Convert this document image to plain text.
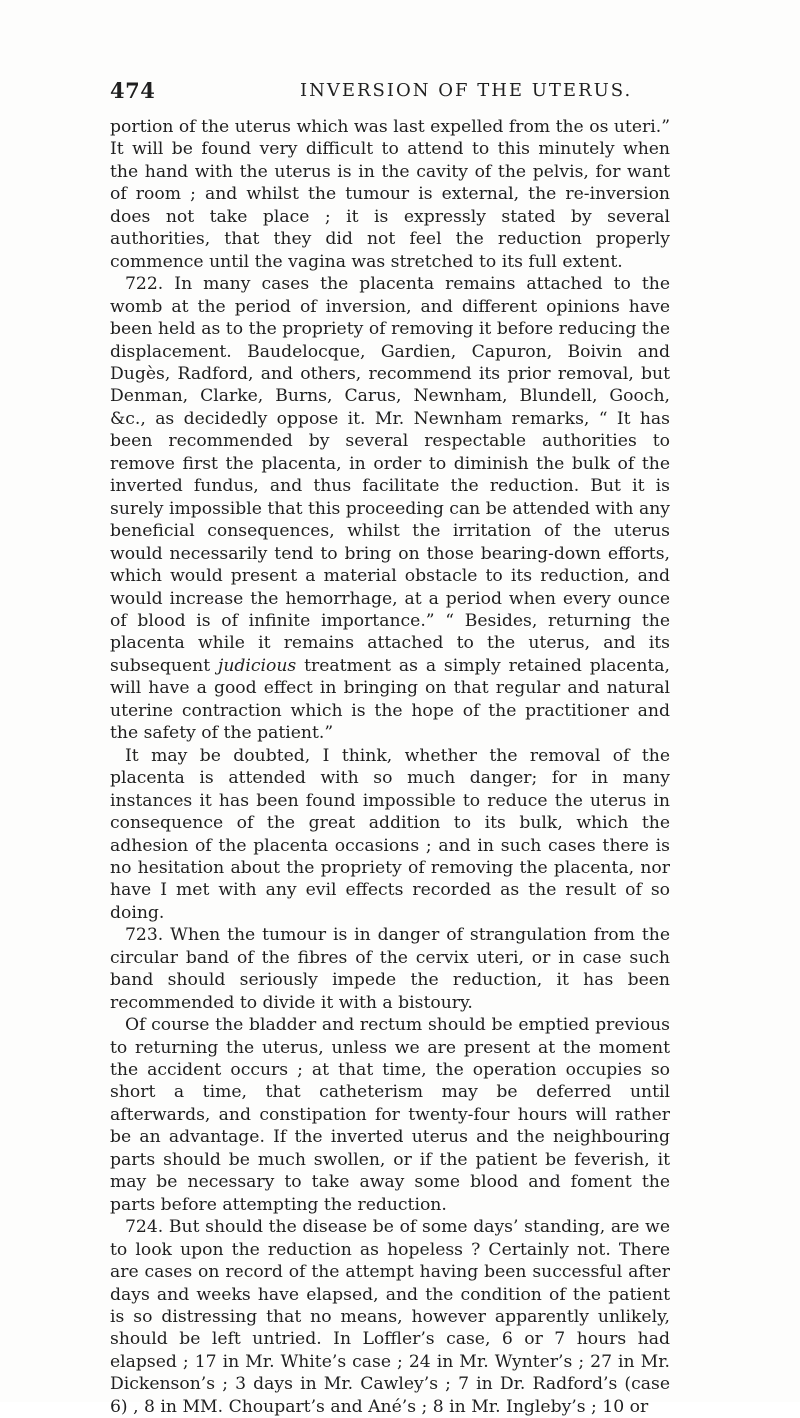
474	INVERSION OF THE UTERUS.

portion of the uterus which was last expelled from the os uteri.” It will be found very difficult to attend to this minutely when the hand with the uterus is in the cavity of the pelvis, for want of room ; and whilst the tumour is external, the re-inversion does not take place ; it is expressly stated by several authorities, that they did not feel the reduction properly commence until the vagina was stretched to its full extent.

722. In many cases the placenta remains attached to the womb at the period of inversion, and different opinions have been held as to the propriety of removing it before reducing the displacement. Baudelocque, Gardien, Capuron, Boivin and Dugès, Radford, and others, recommend its prior removal, but Denman, Clarke, Burns, Carus, Newnham, Blundell, Gooch, &c., as decidedly oppose it. Mr. Newnham remarks, “ It has been recommended by several respectable authorities to remove first the placenta, in order to diminish the bulk of the inverted fundus, and thus facilitate the reduction. But it is surely impossible that this proceeding can be attended with any beneficial consequences, whilst the irritation of the uterus would necessarily tend to bring on those bearing-down efforts, which would present a material obstacle to its reduction, and would increase the hemorrhage, at a period when every ounce of blood is of infinite importance.” “ Besides, returning the placenta while it remains attached to the uterus, and its subsequent judicious treatment as a simply retained placenta, will have a good effect in bringing on that regular and natural uterine contraction which is the hope of the practitioner and the safety of the patient.”

It may be doubted, I think, whether the removal of the placenta is attended with so much danger; for in many instances it has been found impossible to reduce the uterus in consequence of the great addition to its bulk, which the adhesion of the placenta occasions ; and in such cases there is no hesitation about the propriety of removing the placenta, nor have I met with any evil effects recorded as the result of so doing.

723. When the tumour is in danger of strangulation from the circular band of the fibres of the cervix uteri, or in case such band should seriously impede the reduction, it has been recommended to divide it with a bistoury.

Of course the bladder and rectum should be emptied previous to returning the uterus, unless we are present at the moment the accident occurs ; at that time, the operation occupies so short a time, that catheterism may be deferred until afterwards, and constipation for twenty-four hours will rather be an advantage. If the inverted uterus and the neighbouring parts should be much swollen, or if the patient be feverish, it may be necessary to take away some blood and foment the parts before attempting the reduction.

724. But should the disease be of some days’ standing, are we to look upon the reduction as hopeless ? Certainly not. There are cases on record of the attempt having been successful after days and weeks have elapsed, and the condition of the patient is so distressing that no means, however apparently unlikely, should be left untried. In Loffler’s case, 6 or 7 hours had elapsed ; 17 in Mr. White’s case ; 24 in Mr. Wynter’s ; 27 in Mr. Dickenson’s ; 3 days in Mr. Cawley’s ; 7 in Dr. Radford’s (case 6) , 8 in MM. Choupart’s and Ané’s ; 8 in Mr. Ingleby’s ; 10 or
